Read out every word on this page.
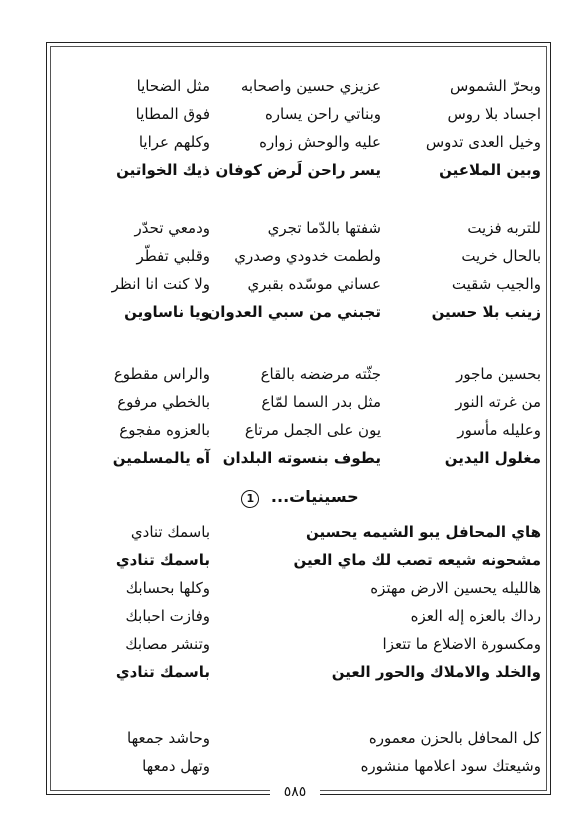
وبحرّ الشموس
اجساد بلا روس
وخيل العدى تدوس
وبين الملاعين
عزيزي حسين واصحابه
وبناتي راحن يساره
عليه والوحش زواره
يسر راحن لَرض كوفان
مثل الضحايا
فوق المطايا
وكلهم عرايا
ذيك الخواتين
للتربه فزيت
بالحال خريت
والجيب شقيت
زينب بلا حسين
شفتها بالدّما تجري
ولطمت خدودي وصدري
عساني موسّده بقبري
تجبني من سبي العدوان
ودمعي تحدّر
وقلبي تفطّر
ولا كنت انا انظر
ويا ناساوين
بحسين ماجور
من غرته النور
وعليله مأسور
مغلول اليدين
جثّته مرضضه بالقاع
مثل بدر السما لمّاع
يون على الجمل مرتاع
يطوف بنسوته البلدان
والراس مقطوع
بالخطي مرفوع
بالعزوه مفجوع
آه يالمسلمين
حسينيات... 1
هاي المحافل يبو الشيمه يحسين
مشحونه شيعه تصب لك ماي العين
هالليله يحسين الارض مهتزه
رداك بالعزه إله العزه
ومكسورة الاضلاع ما تتعزا
والخلد والاملاك والحور العين
باسمك تنادي
باسمك تنادي
وكلها بحسابك
وفازت احبابك
وتنشر مصابك
باسمك تنادي
كل المحافل بالحزن معموره
وشيعتك سود اعلامها منشوره
وحاشد جمعها
وتهل دمعها
٥٨٥
